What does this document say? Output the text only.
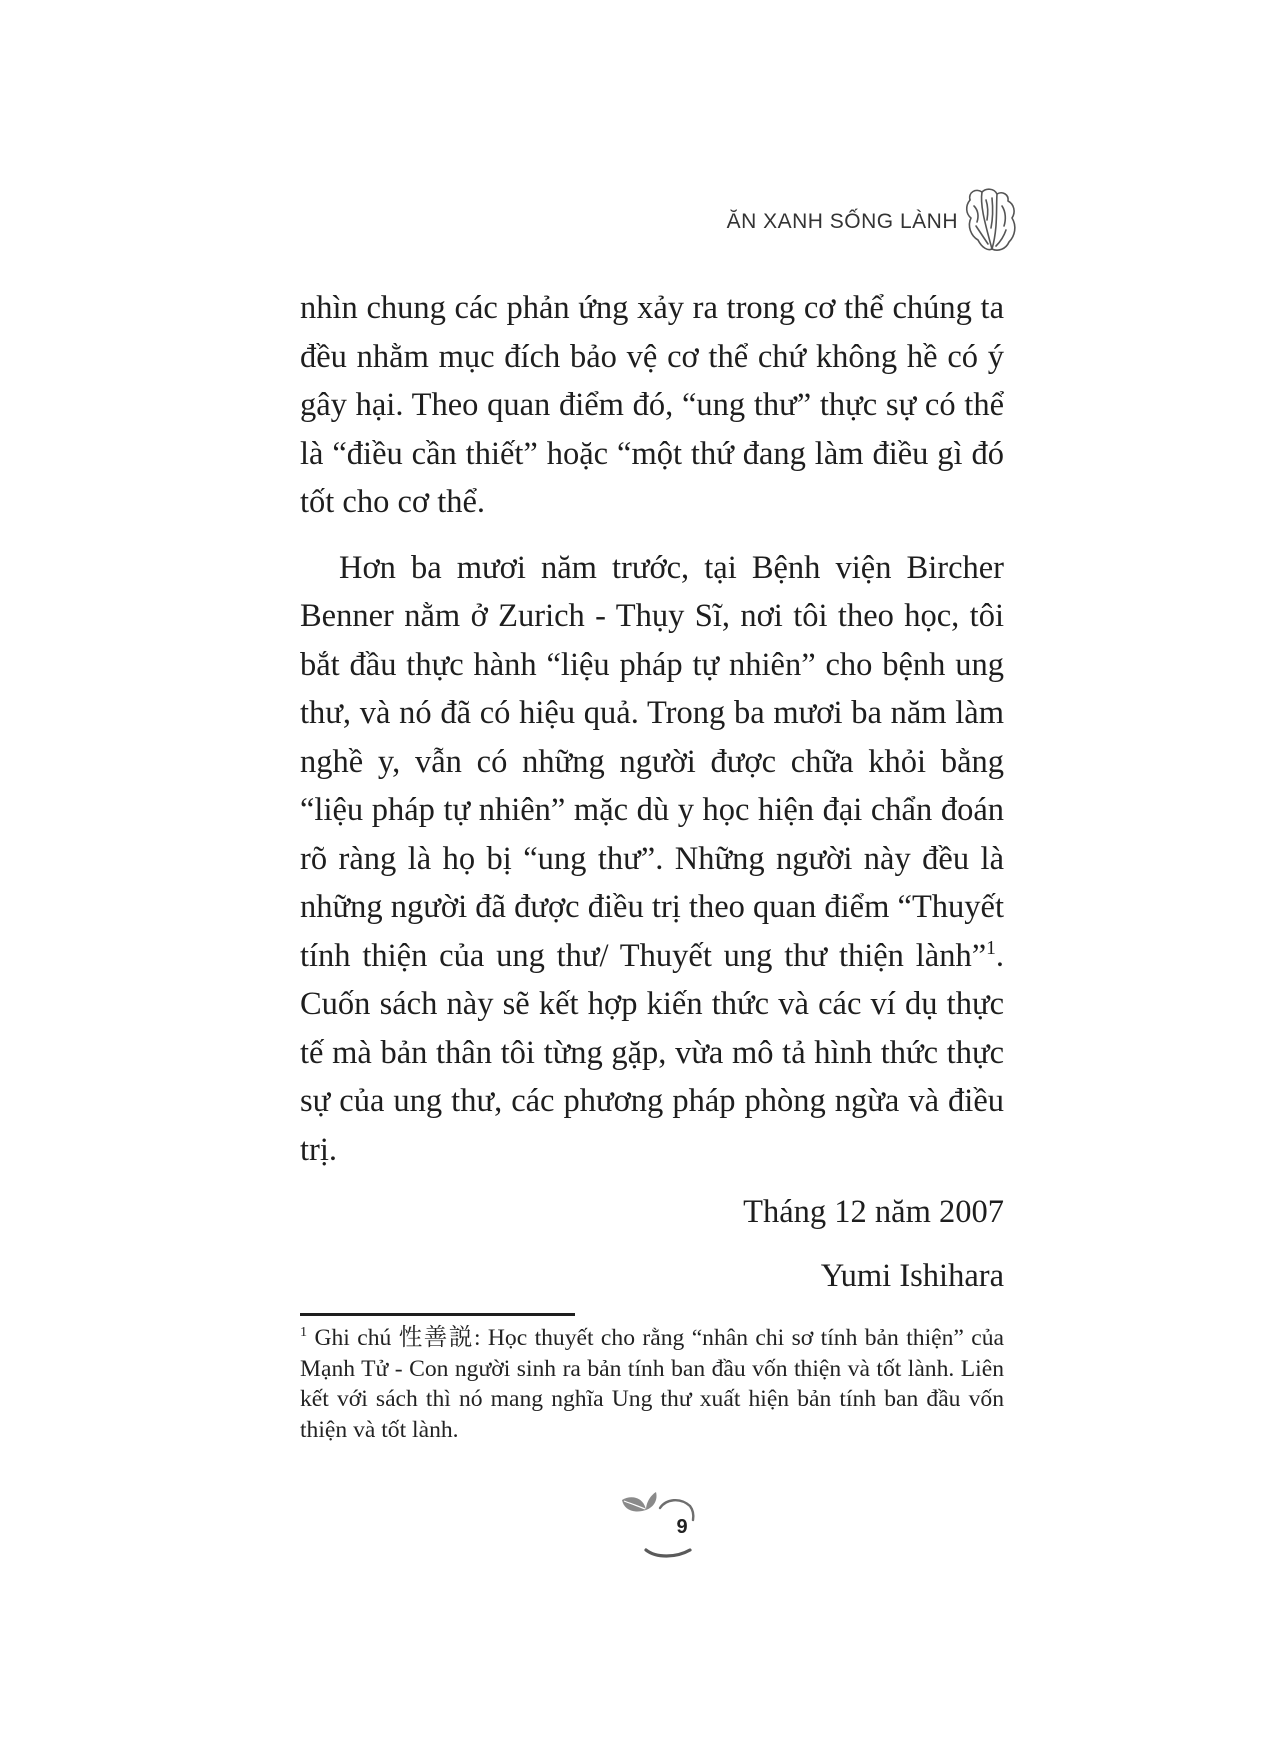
ĂN XANH SỐNG LÀNH

nhìn chung các phản ứng xảy ra trong cơ thể chúng ta đều nhằm mục đích bảo vệ cơ thể chứ không hề có ý gây hại. Theo quan điểm đó, “ung thư” thực sự có thể là “điều cần thiết” hoặc “một thứ đang làm điều gì đó tốt cho cơ thể.

Hơn ba mươi năm trước, tại Bệnh viện Bircher Benner nằm ở Zurich - Thụy Sĩ, nơi tôi theo học, tôi bắt đầu thực hành “liệu pháp tự nhiên” cho bệnh ung thư, và nó đã có hiệu quả. Trong ba mươi ba năm làm nghề y, vẫn có những người được chữa khỏi bằng “liệu pháp tự nhiên” mặc dù y học hiện đại chẩn đoán rõ ràng là họ bị “ung thư”. Những người này đều là những người đã được điều trị theo quan điểm “Thuyết tính thiện của ung thư/ Thuyết ung thư thiện lành”$^1$. Cuốn sách này sẽ kết hợp kiến thức và các ví dụ thực tế mà bản thân tôi từng gặp, vừa mô tả hình thức thực sự của ung thư, các phương pháp phòng ngừa và điều trị.

Tháng 12 năm 2007

Yumi Ishihara

$^1$ Ghi chú 性善説: Học thuyết cho rằng “nhân chi sơ tính bản thiện” của Mạnh Tử - Con người sinh ra bản tính ban đầu vốn thiện và tốt lành. Liên kết với sách thì nó mang nghĩa Ung thư xuất hiện bản tính ban đầu vốn thiện và tốt lành.
9
